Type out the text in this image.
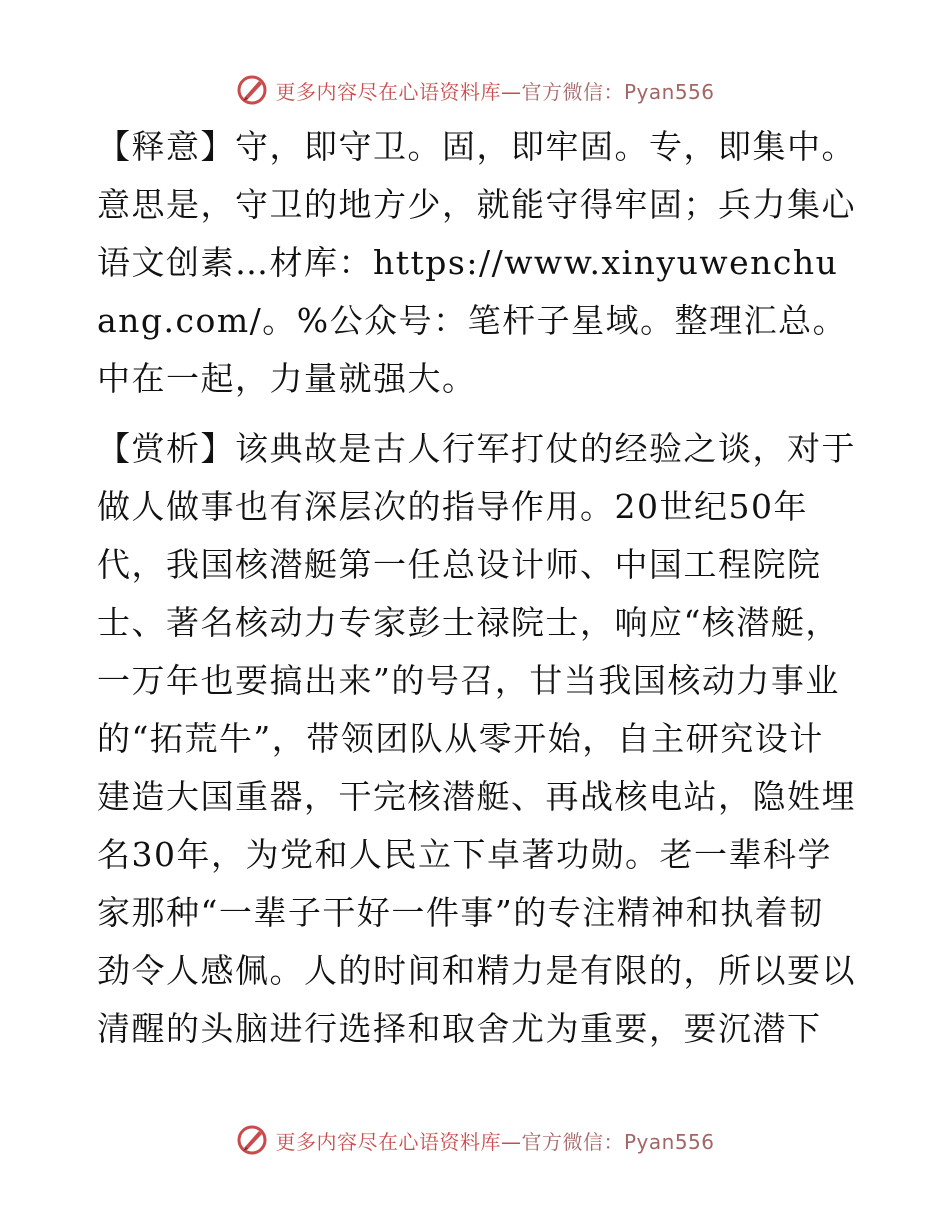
更多内容尽在心语资料库—官方微信：Pyan556

【释意】守，即守卫。固，即牢固。专，即集中。意思是，守卫的地方少，就能守得牢固；兵力集心语文创素…材库：https://www.xinyuwenchuang.com/。%公众号：笔杆子星域。整理汇总。中在一起，力量就强大。

【赏析】该典故是古人行军打仗的经验之谈，对于做人做事也有深层次的指导作用。20世纪50年代，我国核潜艇第一任总设计师、中国工程院院士、著名核动力专家彭士禄院士，响应“核潜艇，一万年也要搞出来”的号召，甘当我国核动力事业的“拓荒牛”，带领团队从零开始，自主研究设计建造大国重器，干完核潜艇、再战核电站，隐姓埋名30年，为党和人民立下卓著功勋。老一辈科学家那种“一辈子干好一件事”的专注精神和执着韧劲令人感佩。人的时间和精力是有限的，所以要以清醒的头脑进行选择和取舍尤为重要，要沉潜下

更多内容尽在心语资料库—官方微信：Pyan556
